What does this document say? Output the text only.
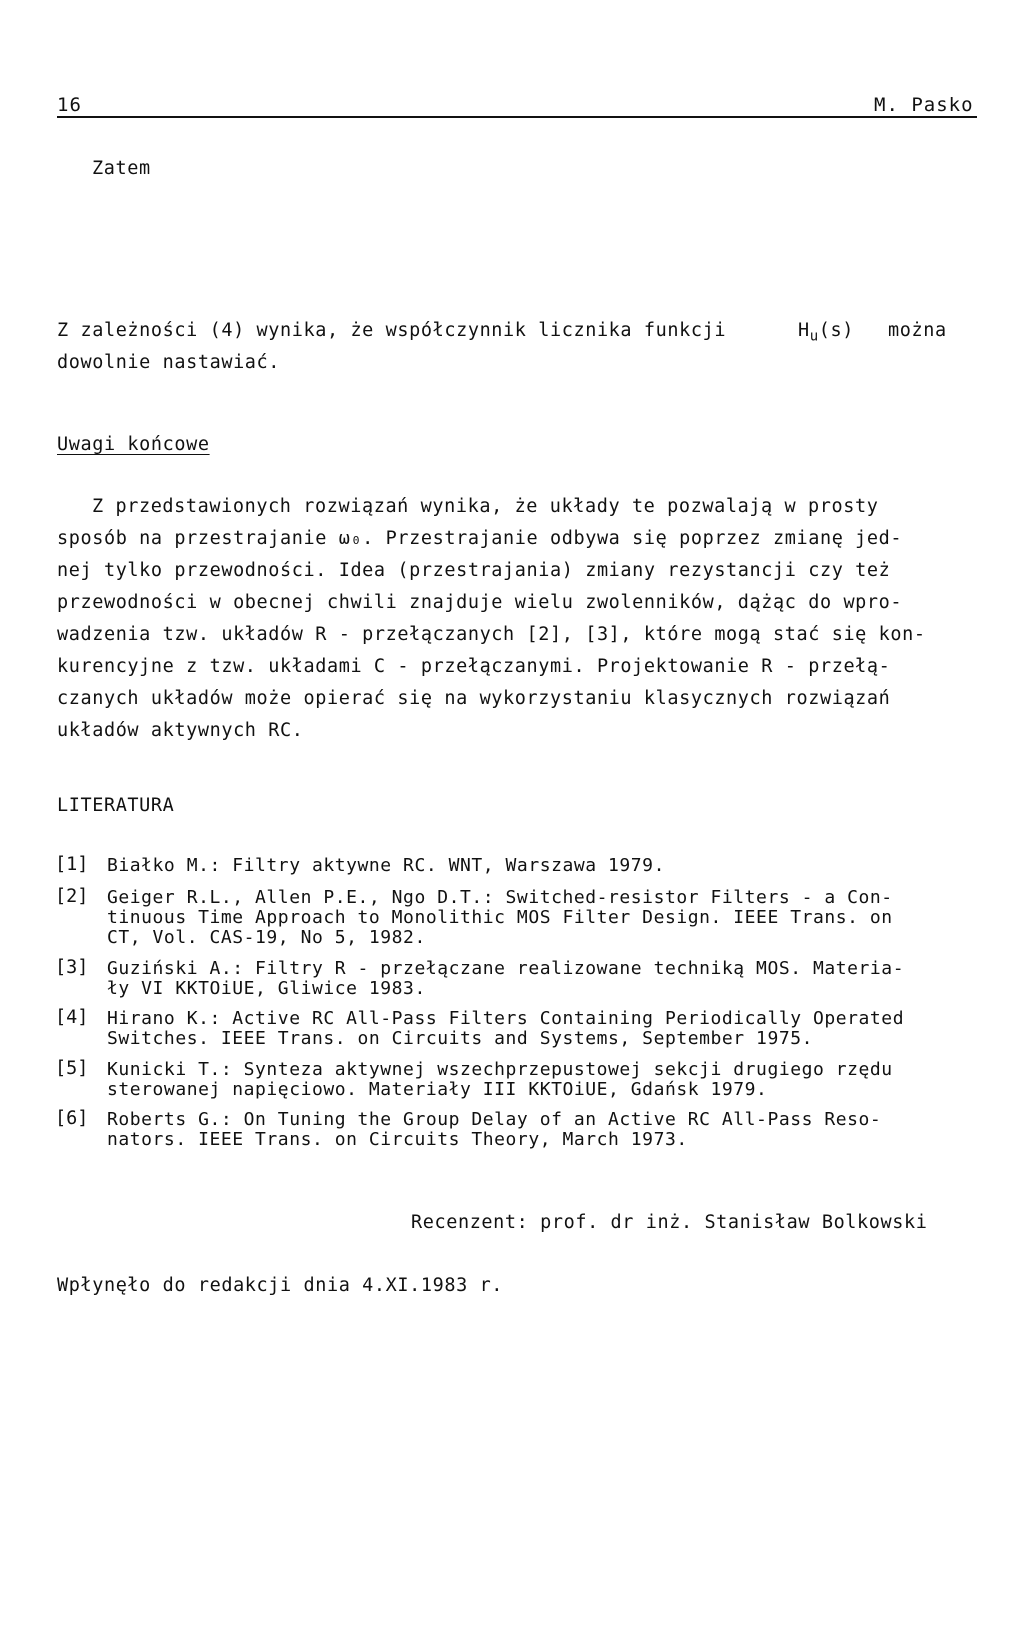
16	M. Pasko
Zatem
Z zależności (4) wynika, że współczynnik licznika funkcji	$H_u(s)$ można
dowolnie nastawiać.
Uwagi końcowe
Z przedstawionych rozwiązań wynika, że układy te pozwalają w prosty
sposób na przestrajanie ω₀. Przestrajanie odbywa się poprzez zmianę jed-
nej tylko przewodności. Idea (przestrajania) zmiany rezystancji czy też
przewodności w obecnej chwili znajduje wielu zwolenników, dążąc do wpro-
wadzenia tzw. układów R - przełączanych [2], [3], które mogą stać się kon-
kurencyjne z tzw. układami C - przełączanymi. Projektowanie R - przełą-
czanych układów może opierać się na wykorzystaniu klasycznych rozwiązań
układów aktywnych RC.
LITERATURA
[1] Białko M.: Filtry aktywne RC. WNT, Warszawa 1979.
[2] Geiger R.L., Allen P.E., Ngo D.T.: Switched-resistor Filters - a Con-
tinuous Time Approach to Monolithic MOS Filter Design. IEEE Trans. on
CT, Vol. CAS-19, No 5, 1982.
[3] Guziński A.: Filtry R - przełączane realizowane techniką MOS. Materia-
ły VI KKTOiUE, Gliwice 1983.
[4] Hirano K.: Active RC All-Pass Filters Containing Periodically Operated
Switches. IEEE Trans. on Circuits and Systems, September 1975.
[5] Kunicki T.: Synteza aktywnej wszechprzepustowej sekcji drugiego rzędu
sterowanej napięciowo. Materiały III KKTOiUE, Gdańsk 1979.
[6] Roberts G.: On Tuning the Group Delay of an Active RC All-Pass Reso-
nators. IEEE Trans. on Circuits Theory, March 1973.
Recenzent: prof. dr inż. Stanisław Bolkowski
Wpłynęło do redakcji dnia 4.XI.1983 r.
